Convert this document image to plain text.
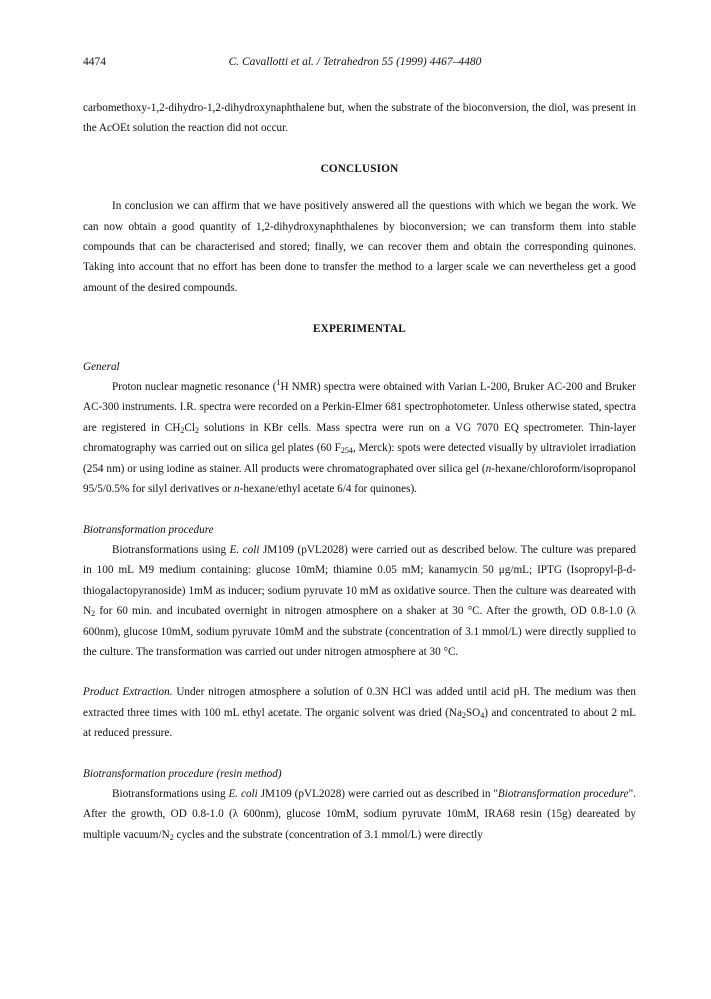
4474	C. Cavallotti et al. / Tetrahedron 55 (1999) 4467–4480

carbomethoxy-1,2-dihydro-1,2-dihydroxynaphthalene but, when the substrate of the bioconversion, the diol, was present in the AcOEt solution the reaction did not occur.

CONCLUSION

In conclusion we can affirm that we have positively answered all the questions with which we began the work. We can now obtain a good quantity of 1,2-dihydroxynaphthalenes by bioconversion; we can transform them into stable compounds that can be characterised and stored; finally, we can recover them and obtain the corresponding quinones. Taking into account that no effort has been done to transfer the method to a larger scale we can nevertheless get a good amount of the desired compounds.

EXPERIMENTAL

General

Proton nuclear magnetic resonance ($^1$H NMR) spectra were obtained with Varian L-200, Bruker AC-200 and Bruker AC-300 instruments. I.R. spectra were recorded on a Perkin-Elmer 681 spectrophotometer. Unless otherwise stated, spectra are registered in $CH_2Cl_2$ solutions in KBr cells. Mass spectra were run on a VG 7070 EQ spectrometer. Thin-layer chromatography was carried out on silica gel plates (60 $F_{254}$, Merck): spots were detected visually by ultraviolet irradiation (254 nm) or using iodine as stainer. All products were chromatographated over silica gel (n-hexane/chloroform/isopropanol 95/5/0.5% for silyl derivatives or n-hexane/ethyl acetate 6/4 for quinones).

Biotransformation procedure

Biotransformations using E. coli JM109 (pVL2028) were carried out as described below. The culture was prepared in 100 mL M9 medium containing: glucose 10mM; thiamine 0.05 mM; kanamycin 50 μg/mL; IPTG (Isopropyl-β-d-thiogalactopyranoside) 1mM as inducer; sodium pyruvate 10 mM as oxidative source. Then the culture was deareated with $N_2$ for 60 min. and incubated overnight in nitrogen atmosphere on a shaker at 30 °C. After the growth, OD 0.8-1.0 (λ 600nm), glucose 10mM, sodium pyruvate 10mM and the substrate (concentration of 3.1 mmol/L) were directly supplied to the culture. The transformation was carried out under nitrogen atmosphere at 30 °C.

Product Extraction. Under nitrogen atmosphere a solution of 0.3N HCl was added until acid pH. The medium was then extracted three times with 100 mL ethyl acetate. The organic solvent was dried $(Na_2SO_4)$ and concentrated to about 2 mL at reduced pressure.

Biotransformation procedure (resin method)

Biotransformations using E. coli JM109 (pVL2028) were carried out as described in "Biotransformation procedure". After the growth, OD 0.8-1.0 (λ 600nm), glucose 10mM, sodium pyruvate 10mM, IRA68 resin (15g) deareated by multiple vacuum/$N_2$ cycles and the substrate (concentration of 3.1 mmol/L) were directly
